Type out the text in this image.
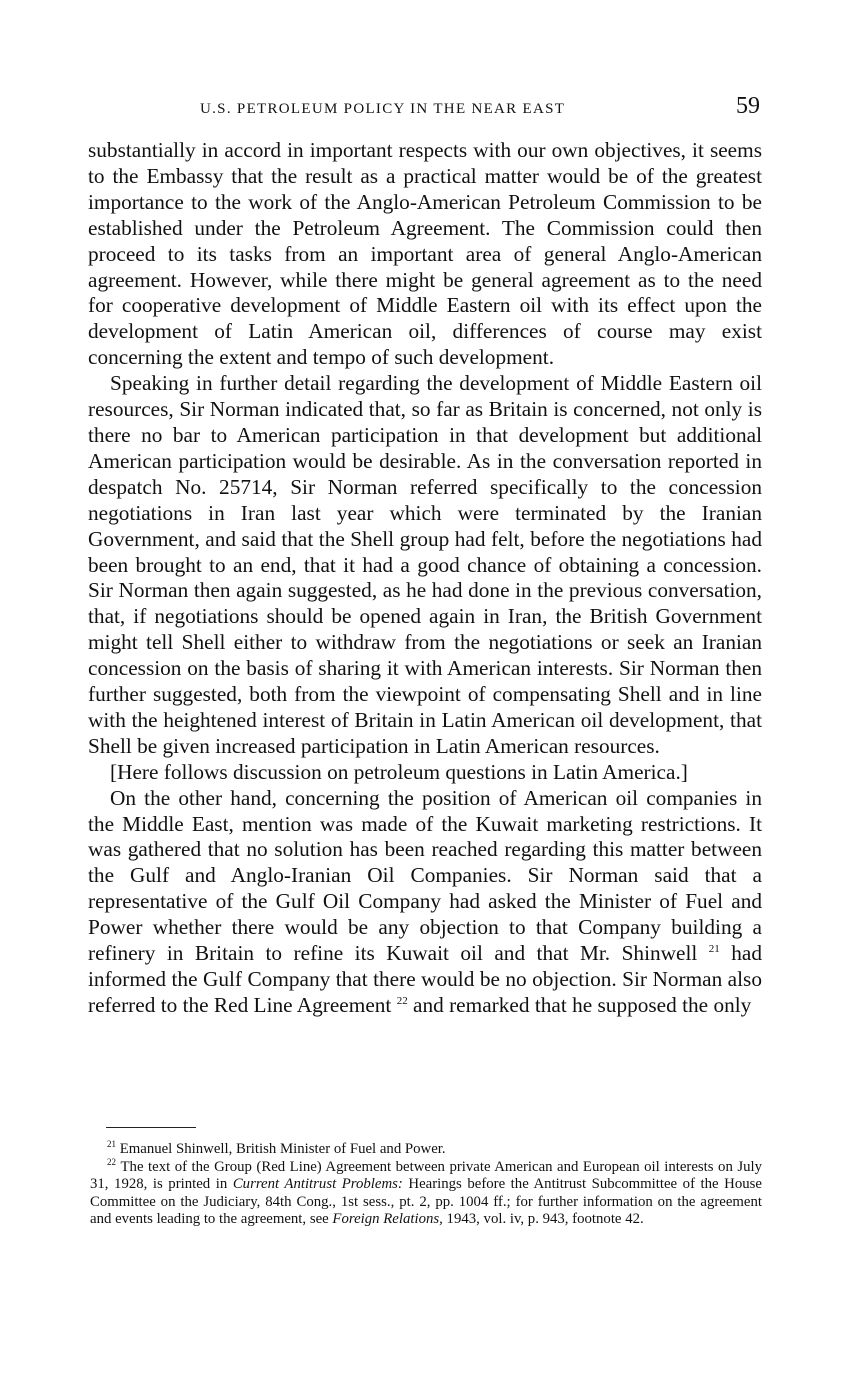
U.S. PETROLEUM POLICY IN THE NEAR EAST	59

substantially in accord in important respects with our own objectives, it seems to the Embassy that the result as a practical matter would be of the greatest importance to the work of the Anglo-American Petroleum Commission to be established under the Petroleum Agreement. The Commission could then proceed to its tasks from an important area of general Anglo-American agreement. However, while there might be general agreement as to the need for cooperative development of Middle Eastern oil with its effect upon the development of Latin American oil, differences of course may exist concerning the extent and tempo of such development.

Speaking in further detail regarding the development of Middle Eastern oil resources, Sir Norman indicated that, so far as Britain is concerned, not only is there no bar to American participation in that development but additional American participation would be desirable. As in the conversation reported in despatch No. 25714, Sir Norman referred specifically to the concession negotiations in Iran last year which were terminated by the Iranian Government, and said that the Shell group had felt, before the negotiations had been brought to an end, that it had a good chance of obtaining a concession. Sir Norman then again suggested, as he had done in the previous conversation, that, if negotiations should be opened again in Iran, the British Government might tell Shell either to withdraw from the negotiations or seek an Iranian concession on the basis of sharing it with American interests. Sir Norman then further suggested, both from the viewpoint of compensating Shell and in line with the heightened interest of Britain in Latin American oil development, that Shell be given increased participation in Latin American resources.

[Here follows discussion on petroleum questions in Latin America.]

On the other hand, concerning the position of American oil companies in the Middle East, mention was made of the Kuwait marketing restrictions. It was gathered that no solution has been reached regarding this matter between the Gulf and Anglo-Iranian Oil Companies. Sir Norman said that a representative of the Gulf Oil Company had asked the Minister of Fuel and Power whether there would be any objection to that Company building a refinery in Britain to refine its Kuwait oil and that Mr. Shinwell $^{21}$ had informed the Gulf Company that there would be no objection. Sir Norman also referred to the Red Line Agreement $^{22}$ and remarked that he supposed the only

$^{21}$ Emanuel Shinwell, British Minister of Fuel and Power.

$^{22}$ The text of the Group (Red Line) Agreement between private American and European oil interests on July 31, 1928, is printed in Current Antitrust Problems: Hearings before the Antitrust Subcommittee of the House Committee on the Judiciary, 84th Cong., 1st sess., pt. 2, pp. 1004 ff.; for further information on the agreement and events leading to the agreement, see Foreign Relations, 1943, vol. iv, p. 943, footnote 42.
